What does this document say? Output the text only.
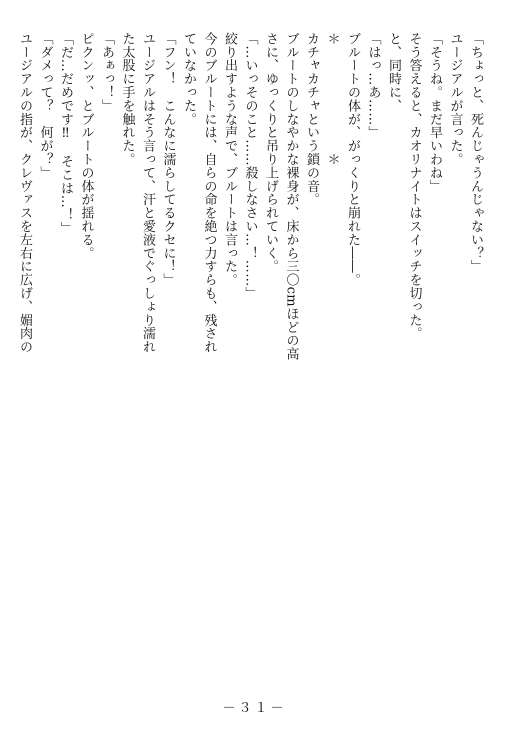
「ちょっと、死んじゃうんじゃない？」
ユージアルが言った。
「そうね。まだ早いわね」
そう答えると、カオリナイトはスイッチを切った。
と、同時に、
「はっ…あ……」
ブルートの体が、がっくりと崩れた――。
＊　　　　　　　　＊
カチャカチャという鎖の音。
ブルートのしなやかな裸身が、床から三〇cmほどの高
さに、ゆっくりと吊り上げられていく。
「…いっそのこと……殺しなさい…！……」
絞り出すような声で、ブルートは言った。
今のブルートには、自らの命を絶つ力すらも、残され
ていなかった。
「フン！　こんなに濡らしてるクセに！」
ユージアルはそう言って、汗と愛液でぐっしょり濡れ
た太股に手を触れた。
「あぁっ！」
ピクンッ、とブルートの体が揺れる。
「だ…だめです‼　そこは…！」
「ダメって？　何が？」
ユージアルの指が、クレヴァスを左右に広げ、媚肉の
－３１－
